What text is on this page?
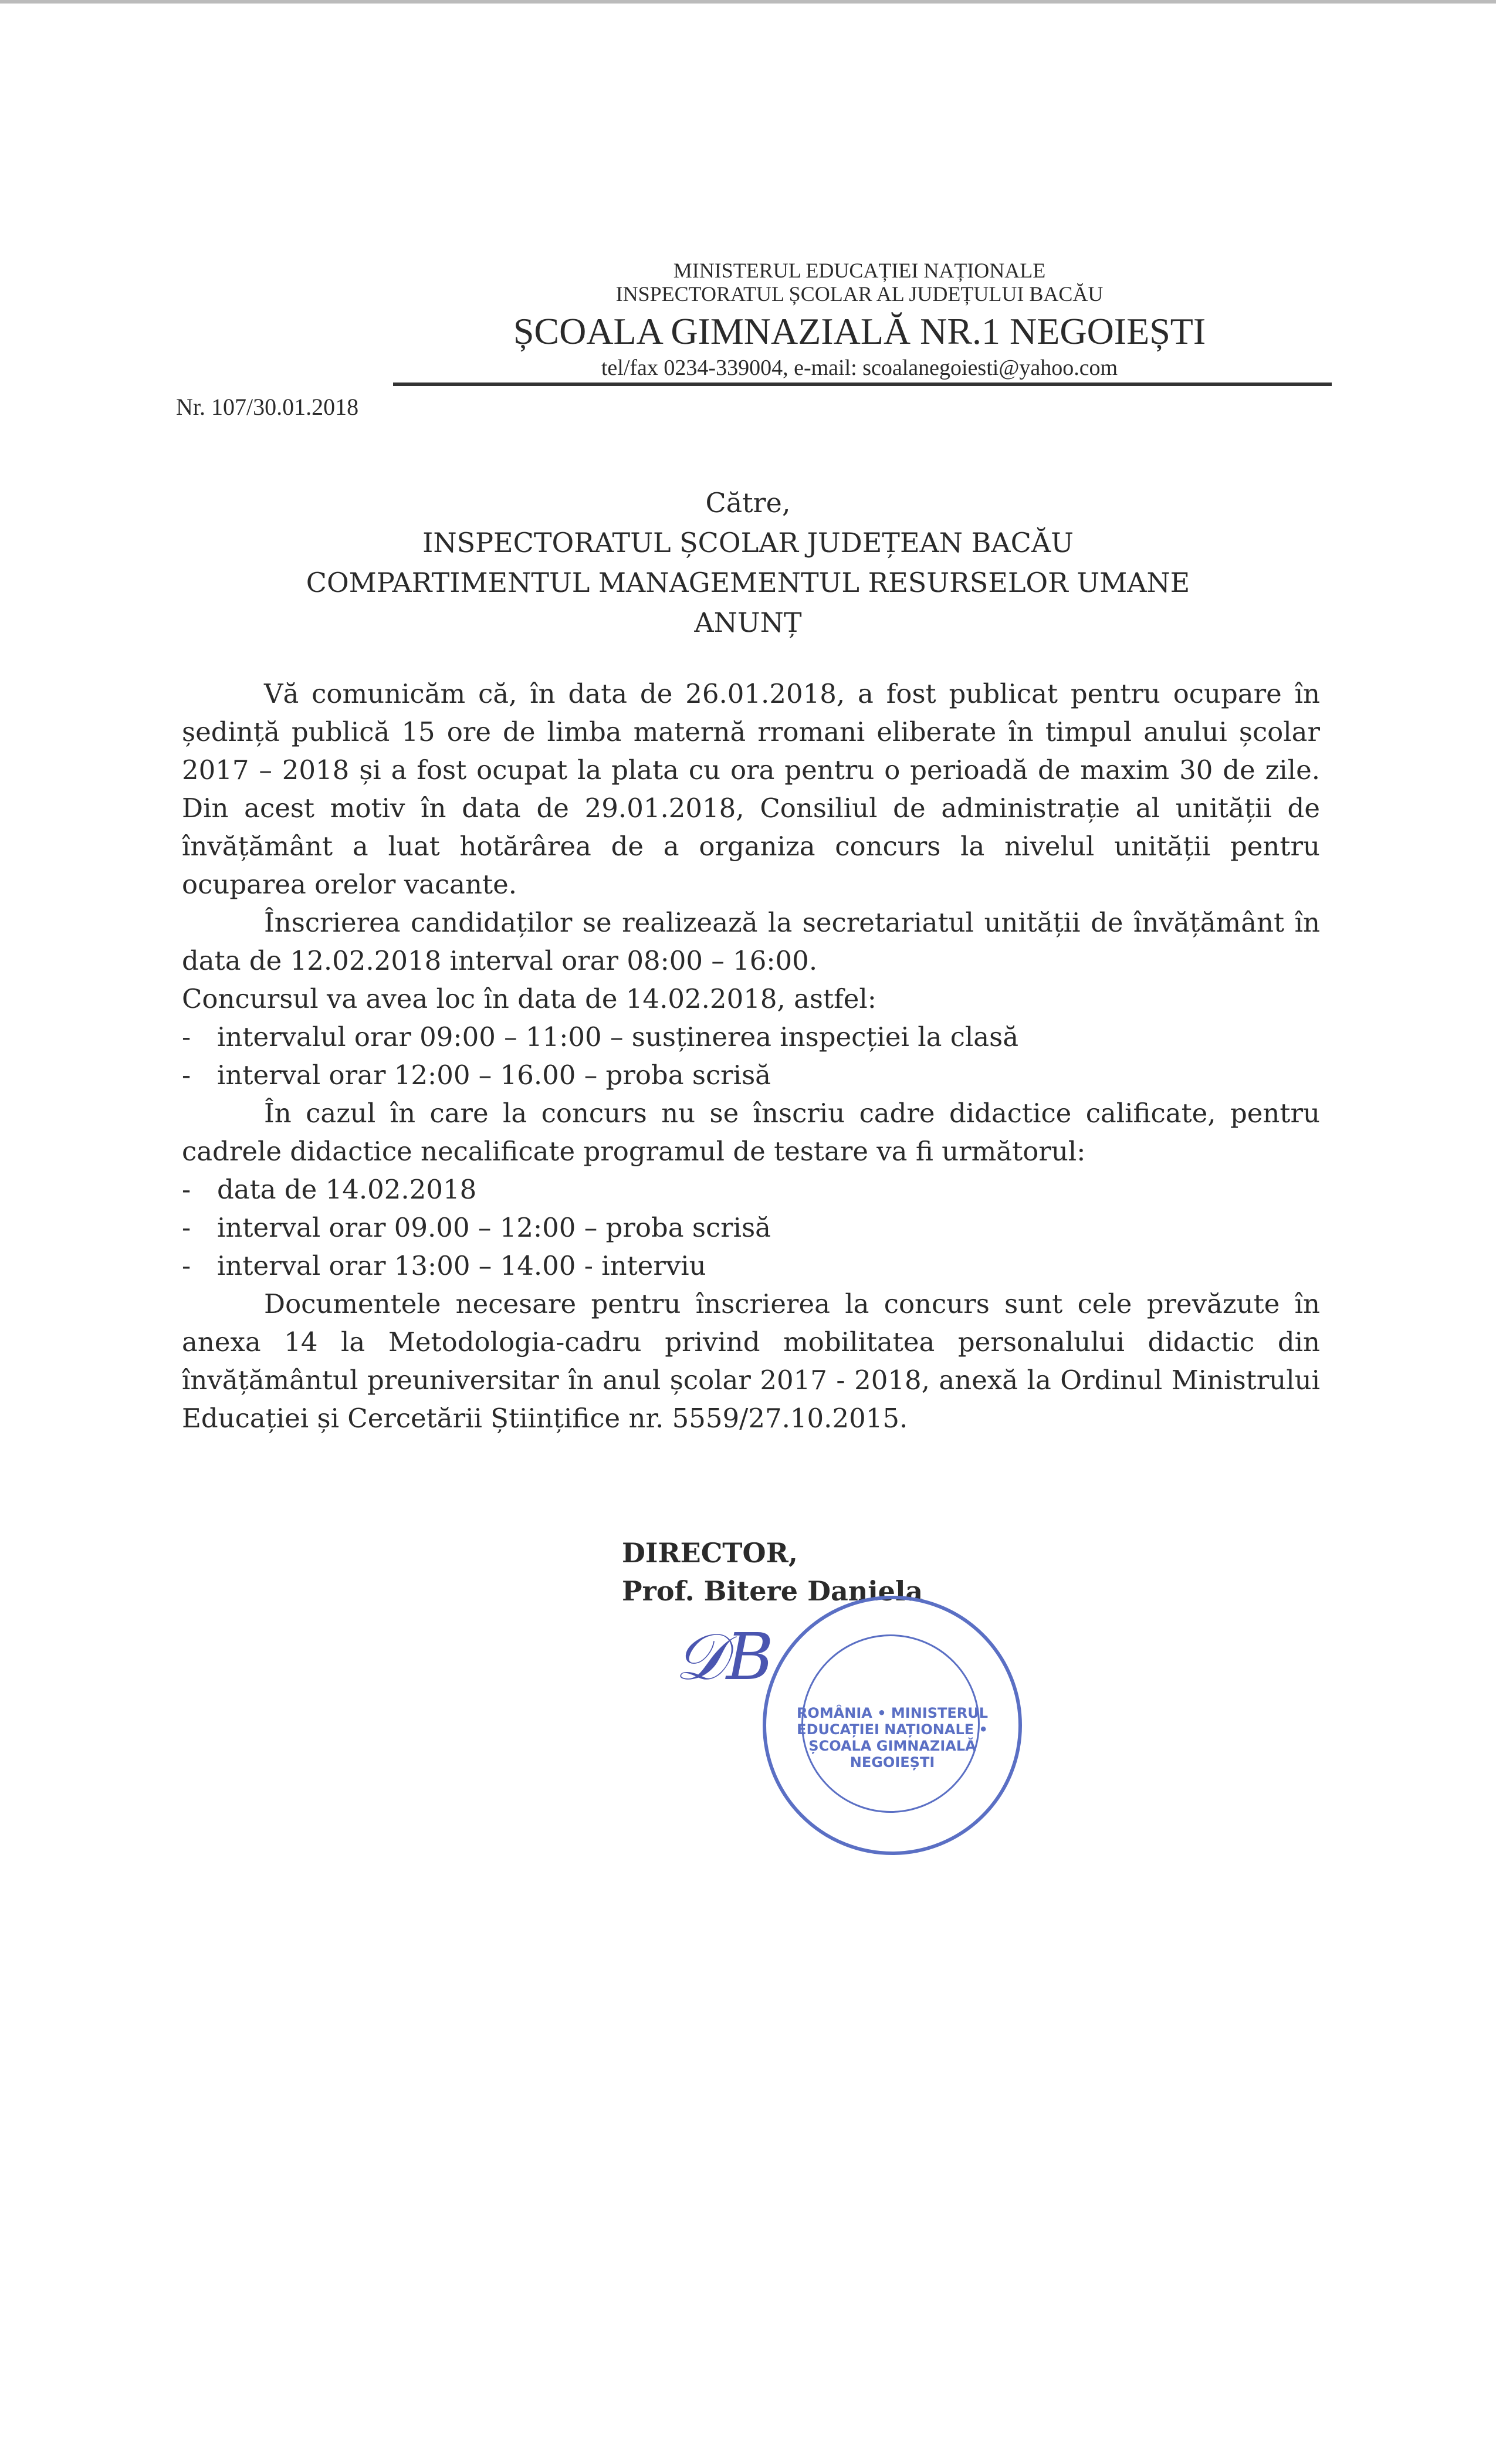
MINISTERUL EDUCAȚIEI NAȚIONALE
INSPECTORATUL ȘCOLAR AL JUDEȚULUI BACĂU
ȘCOALA GIMNAZIALĂ NR.1 NEGOIEȘTI
tel/fax 0234-339004, e-mail: scoalanegoiesti@yahoo.com
Nr. 107/30.01.2018
Către,
INSPECTORATUL ȘCOLAR JUDEȚEAN BACĂU
COMPARTIMENTUL MANAGEMENTUL RESURSELOR UMANE
ANUNȚ

Vă comunicăm că, în data de 26.01.2018, a fost publicat pentru ocupare în ședință publică 15 ore de limba maternă rromani eliberate în timpul anului școlar 2017 – 2018 și a fost ocupat la plata cu ora pentru o perioadă de maxim 30 de zile. Din acest motiv în data de 29.01.2018, Consiliul de administrație al unității de învățământ a luat hotărârea de a organiza concurs la nivelul unității pentru ocuparea orelor vacante.

Înscrierea candidaților se realizează la secretariatul unității de învățământ în data de 12.02.2018 interval orar 08:00 – 16:00.

Concursul va avea loc în data de 14.02.2018, astfel:

- intervalul orar 09:00 – 11:00 – susținerea inspecției la clasă

- interval orar 12:00 – 16.00 – proba scrisă

În cazul în care la concurs nu se înscriu cadre didactice calificate, pentru cadrele didactice necalificate programul de testare va fi următorul:

- data de 14.02.2018

- interval orar 09.00 – 12:00 – proba scrisă

- interval orar 13:00 – 14.00 - interviu

Documentele necesare pentru înscrierea la concurs sunt cele prevăzute în anexa 14 la Metodologia-cadru privind mobilitatea personalului didactic din învățământul preuniversitar în anul școlar 2017 - 2018, anexă la Ordinul Ministrului Educației și Cercetării Științifice nr. 5559/27.10.2015.

DIRECTOR,
Prof. Bitere Daniela
ROMÂNIA • MINISTERUL EDUCAȚIEI NAȚIONALE • ȘCOALA GIMNAZIALĂ NEGOIEȘTI
𝒟𝐵
